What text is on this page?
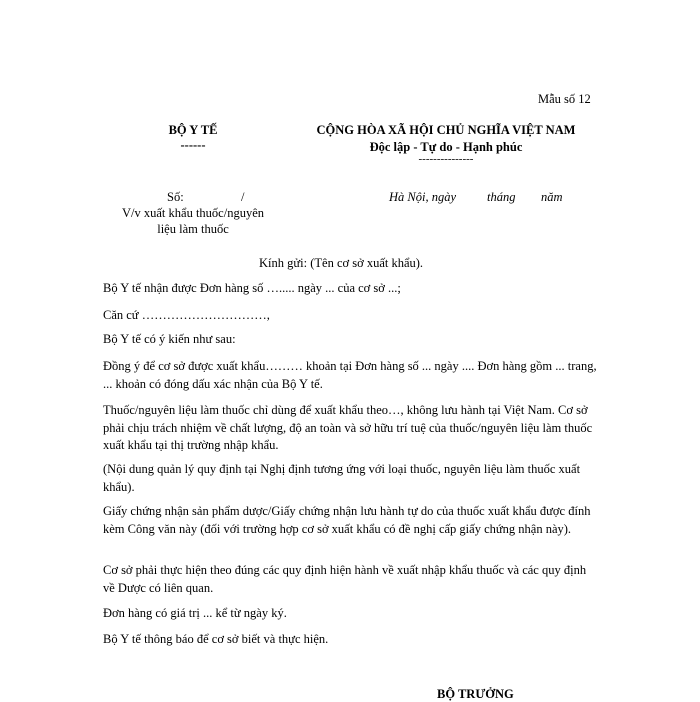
Mẫu số 12
BỘ Y TẾ
------
CỘNG HÒA XÃ HỘI CHỦ NGHĨA VIỆT NAM
Độc lập - Tự do - Hạnh phúc
---------------
Số:	/
V/v xuất khẩu thuốc/nguyên
liệu làm thuốc
Hà Nội, ngày tháng năm
Kính gửi: (Tên cơ sở xuất khẩu).
Bộ Y tế nhận được Đơn hàng số …..... ngày ... của cơ sở ...;
Căn cứ …………………………,
Bộ Y tế có ý kiến như sau:
Đồng ý để cơ sở được xuất khẩu……… khoản tại Đơn hàng số ... ngày .... Đơn hàng gồm ... trang, ... khoản có đóng dấu xác nhận của Bộ Y tế.
Thuốc/nguyên liệu làm thuốc chỉ dùng để xuất khẩu theo…, không lưu hành tại Việt Nam. Cơ sở phải chịu trách nhiệm về chất lượng, độ an toàn và sở hữu trí tuệ của thuốc/nguyên liệu làm thuốc xuất khẩu tại thị trường nhập khẩu.
(Nội dung quản lý quy định tại Nghị định tương ứng với loại thuốc, nguyên liệu làm thuốc xuất khẩu).
Giấy chứng nhận sản phẩm dược/Giấy chứng nhận lưu hành tự do của thuốc xuất khẩu được đính kèm Công văn này (đối với trường hợp cơ sở xuất khẩu có đề nghị cấp giấy chứng nhận này).
Cơ sở phải thực hiện theo đúng các quy định hiện hành về xuất nhập khẩu thuốc và các quy định về Dược có liên quan.
Đơn hàng có giá trị ... kể từ ngày ký.
Bộ Y tế thông báo để cơ sở biết và thực hiện.
BỘ TRƯỞNG
